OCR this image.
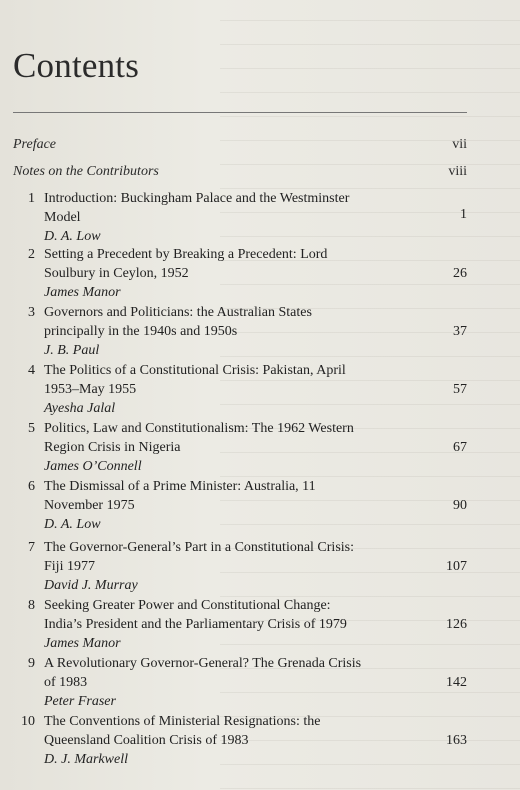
Contents
Preface	vii
Notes on the Contributors	viii
1 Introduction: Buckingham Palace and the Westminster
Model
D. A. Low
1
2 Setting a Precedent by Breaking a Precedent: Lord
Soulbury in Ceylon, 1952
James Manor
26
3 Governors and Politicians: the Australian States
principally in the 1940s and 1950s
J. B. Paul
37
4 The Politics of a Constitutional Crisis: Pakistan, April
1953–May 1955
Ayesha Jalal
57
5 Politics, Law and Constitutionalism: The 1962 Western
Region Crisis in Nigeria
James O’Connell
67
6 The Dismissal of a Prime Minister: Australia, 11
November 1975
D. A. Low
90
7 The Governor-General’s Part in a Constitutional Crisis:
Fiji 1977
David J. Murray
107
8 Seeking Greater Power and Constitutional Change:
India’s President and the Parliamentary Crisis of 1979
James Manor
126
9 A Revolutionary Governor-General? The Grenada Crisis
of 1983
Peter Fraser
142
10 The Conventions of Ministerial Resignations: the
Queensland Coalition Crisis of 1983
D. J. Markwell
163
